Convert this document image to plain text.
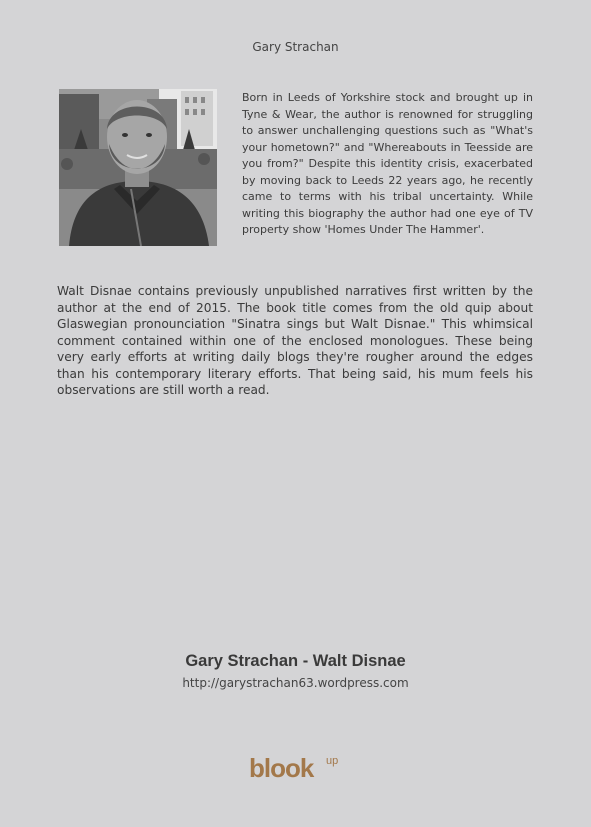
Gary Strachan
Born in Leeds of Yorkshire stock and brought up in Tyne & Wear, the author is renowned for struggling to answer unchallenging questions such as "What's your hometown?" and "Whereabouts in Teesside are you from?" Despite this identity crisis, exacerbated by moving back to Leeds 22 years ago, he recently came to terms with his tribal uncertainty. While writing this biography the author had one eye of TV property show 'Homes Under The Hammer'.
Walt Disnae contains previously unpublished narratives first written by the author at the end of 2015. The book title comes from the old quip about Glaswegian pronounciation "Sinatra sings but Walt Disnae." This whimsical comment contained within one of the enclosed monologues. These being very early efforts at writing daily blogs they're rougher around the edges than his contemporary literary efforts. That being said, his mum feels his observations are still worth a read.
Gary Strachan - Walt Disnae
http://garystrachan63.wordpress.com
blook up
